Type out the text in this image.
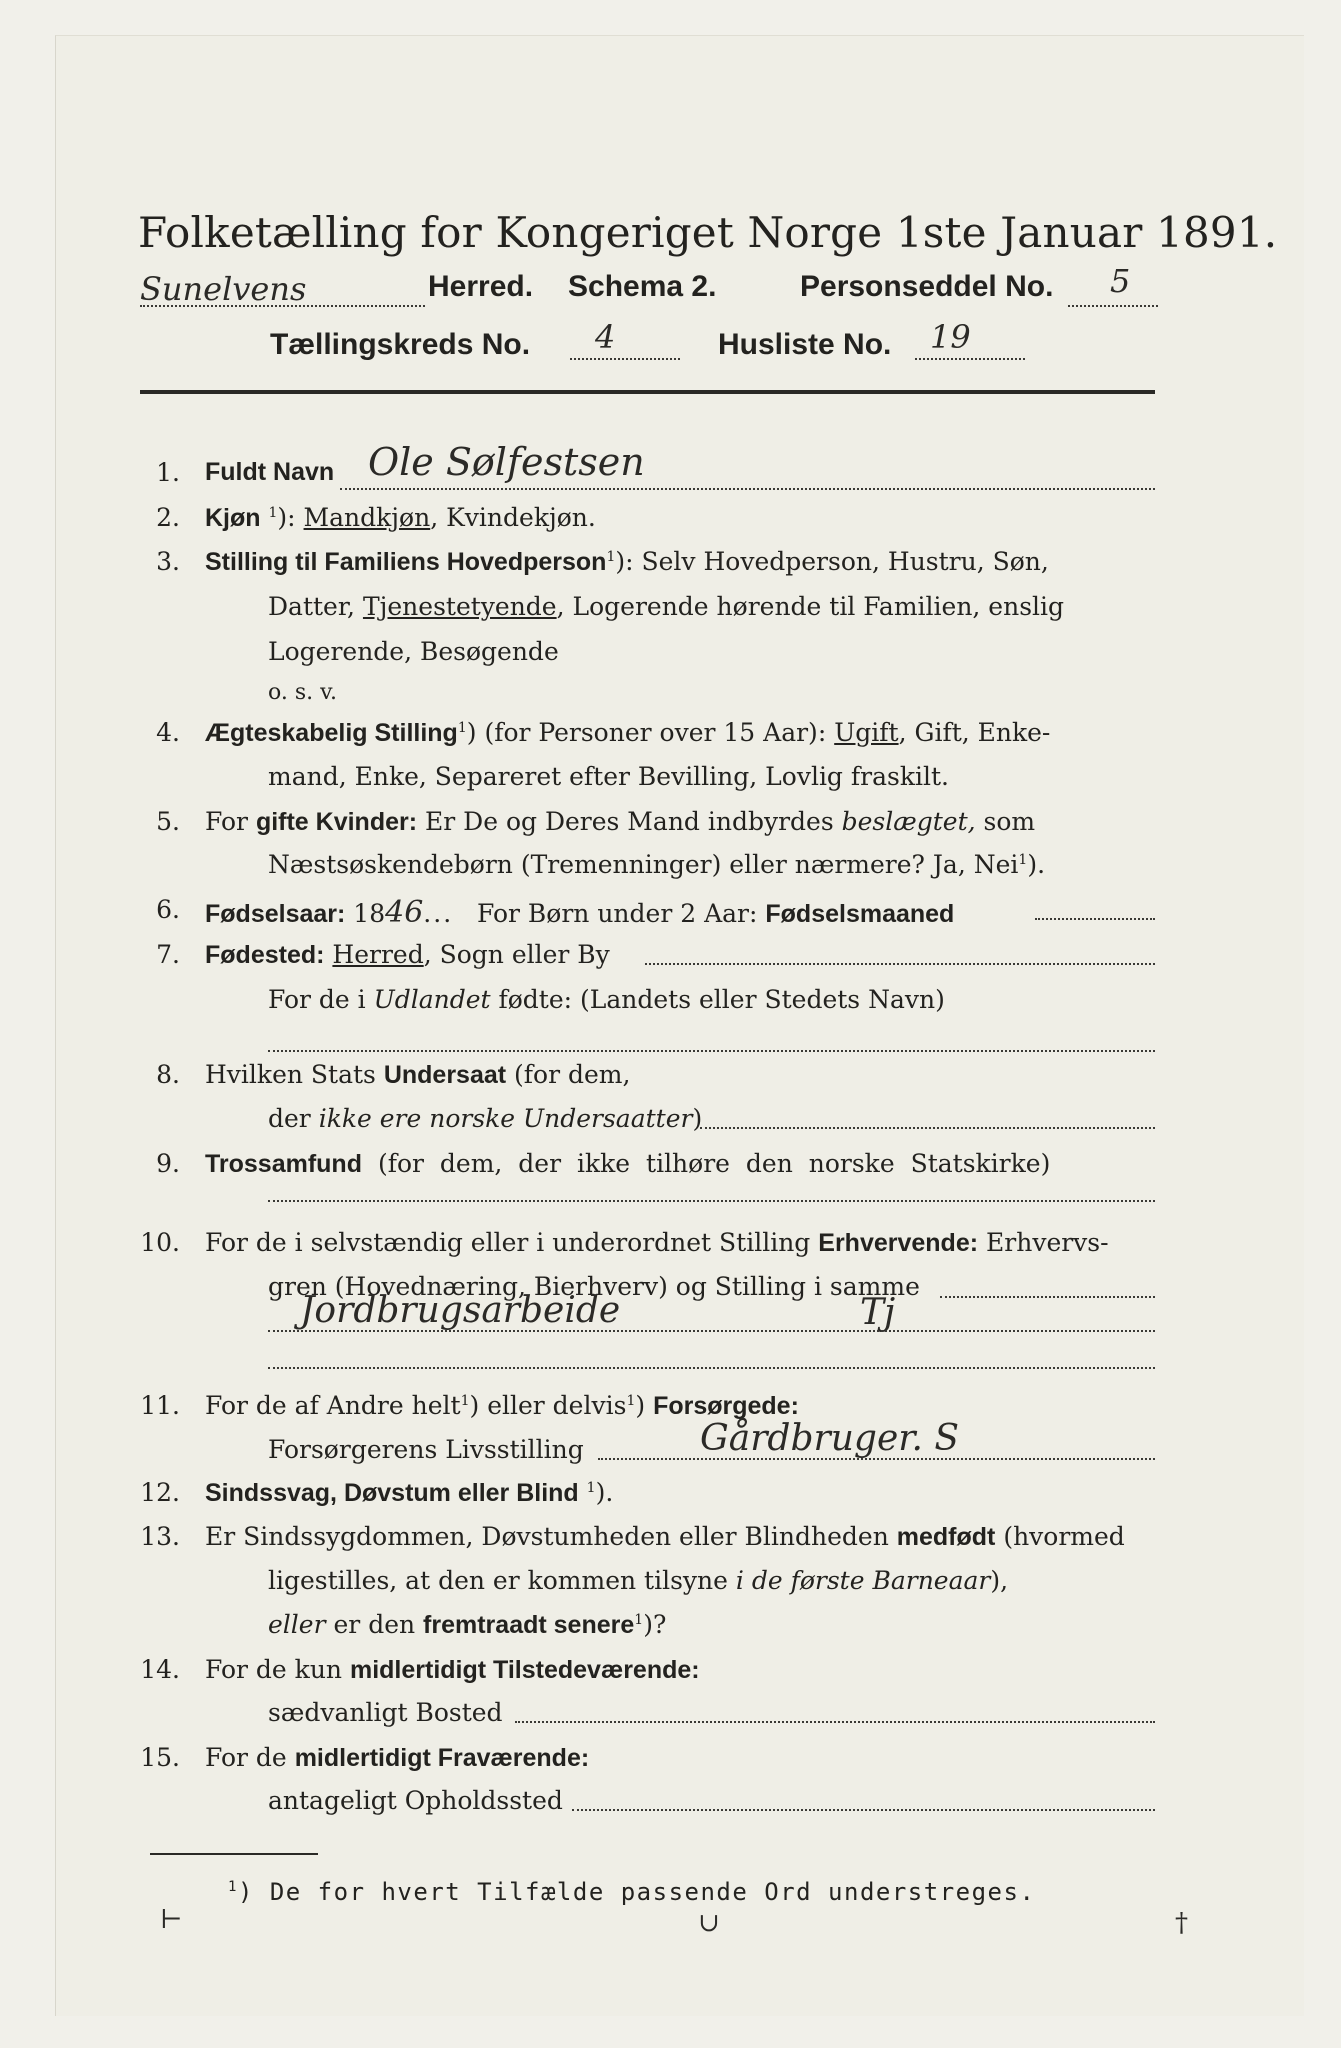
Folketælling for Kongeriget Norge 1ste Januar 1891.
Sunelvens	Herred. Schema 2.	Personseddel No. 5
Tællingskreds No. 4	Husliste No. 19
1. Fuldt Navn Ole Sølfestsen
2. Kjøn $^1$): Mandkjøn, Kvindekjøn.
3. Stilling til Familiens Hovedperson$^1$): Selv Hovedperson, Hustru, Søn,
Datter, Tjenestetyende, Logerende hørende til Familien, enslig
Logerende, Besøgende
o. s. v.
4. Ægteskabelig Stilling$^1$) (for Personer over 15 Aar): Ugift, Gift, Enke-
mand, Enke, Separeret efter Bevilling, Lovlig fraskilt.
5. For gifte Kvinder: Er De og Deres Mand indbyrdes beslægtet, som
Næstsøskendebørn (Tremenninger) eller nærmere? Ja, Nei$^1$).
6. Fødselsaar: 1846... For Børn under 2 Aar: Fødselsmaaned
7. Fødested: Herred, Sogn eller By
For de i Udlandet fødte: (Landets eller Stedets Navn)
8. Hvilken Stats Undersaat (for dem,
der ikke ere norske Undersaatter)
9. Trossamfund (for dem, der ikke tilhøre den norske Statskirke)
10. For de i selvstændig eller i underordnet Stilling Erhvervende: Erhvervs-
gren (Hovednæring, Bierhverv) og Stilling i samme
Jordbrugsarbeide	Tj
11. For de af Andre helt$^1$) eller delvis$^1$) Forsørgede:
Forsørgerens Livsstilling	Gårdbruger. S
12. Sindssvag, Døvstum eller Blind $^1$).
13. Er Sindssygdommen, Døvstumheden eller Blindheden medfødt (hvormed
ligestilles, at den er kommen tilsyne i de første Barneaar),
eller er den fremtraadt senere$^1$)?
14. For de kun midlertidigt Tilstedeværende:
sædvanligt Bosted
15. For de midlertidigt Fraværende:
antageligt Opholdssted
$^1$) De for hvert Tilfælde passende Ord understreges.
⊢	∪	†
